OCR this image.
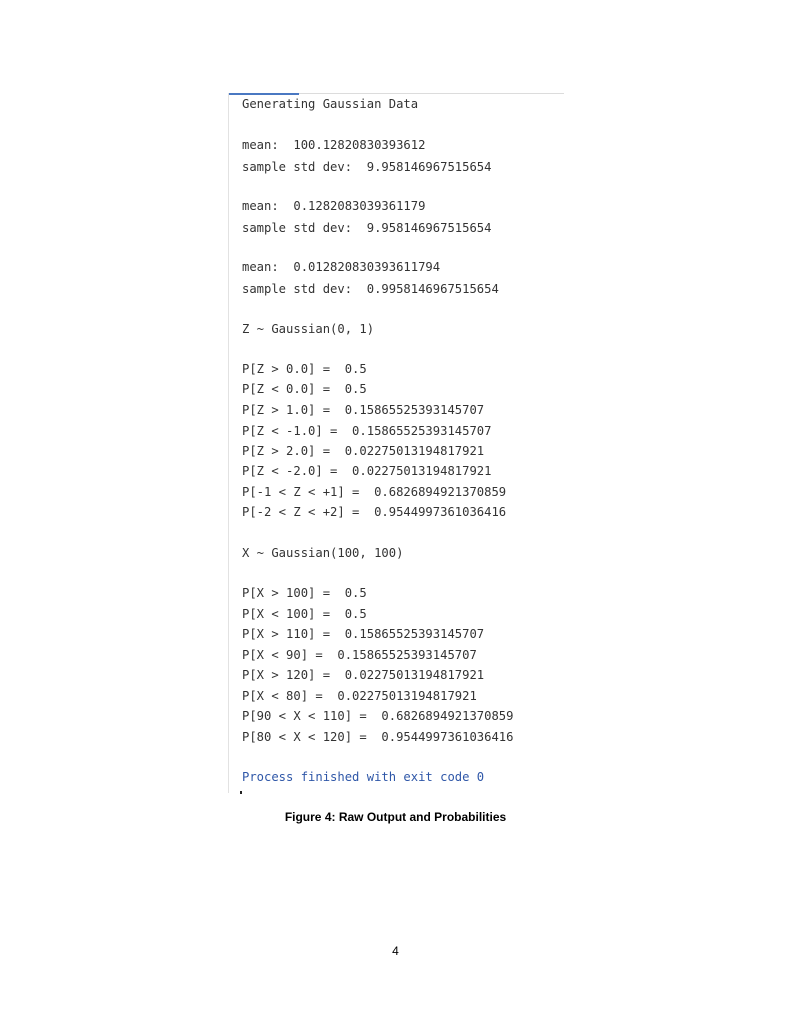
Generating Gaussian Data
mean:  100.12820830393612
sample std dev:  9.958146967515654
mean:  0.1282083039361179
sample std dev:  9.958146967515654
mean:  0.012820830393611794
sample std dev:  0.9958146967515654
Z ~ Gaussian(0, 1)
P[Z > 0.0] =  0.5
P[Z < 0.0] =  0.5
P[Z > 1.0] =  0.15865525393145707
P[Z < -1.0] =  0.15865525393145707
P[Z > 2.0] =  0.02275013194817921
P[Z < -2.0] =  0.02275013194817921
P[-1 < Z < +1] =  0.6826894921370859
P[-2 < Z < +2] =  0.9544997361036416
X ~ Gaussian(100, 100)
P[X > 100] =  0.5
P[X < 100] =  0.5
P[X > 110] =  0.15865525393145707
P[X < 90] =  0.15865525393145707
P[X > 120] =  0.02275013194817921
P[X < 80] =  0.02275013194817921
P[90 < X < 110] =  0.6826894921370859
P[80 < X < 120] =  0.9544997361036416
Process finished with exit code 0
Figure 4: Raw Output and Probabilities
4
